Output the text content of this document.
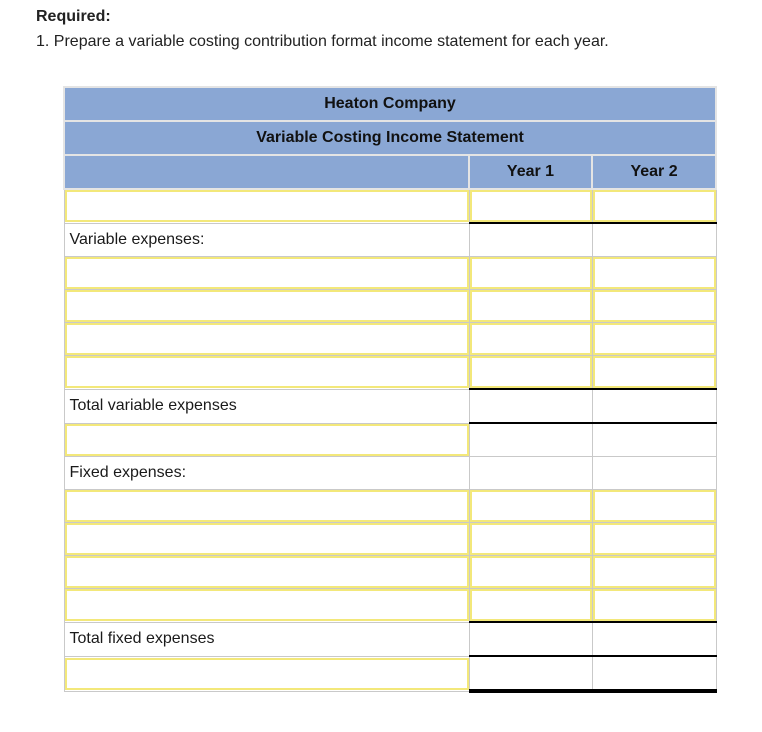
Required:
1. Prepare a variable costing contribution format income statement for each year.
Heaton Company		
Variable Costing Income Statement		
	Year 1	Year 2

Variable expenses:		

Total variable expenses		

Fixed expenses:		

Total fixed expenses		
